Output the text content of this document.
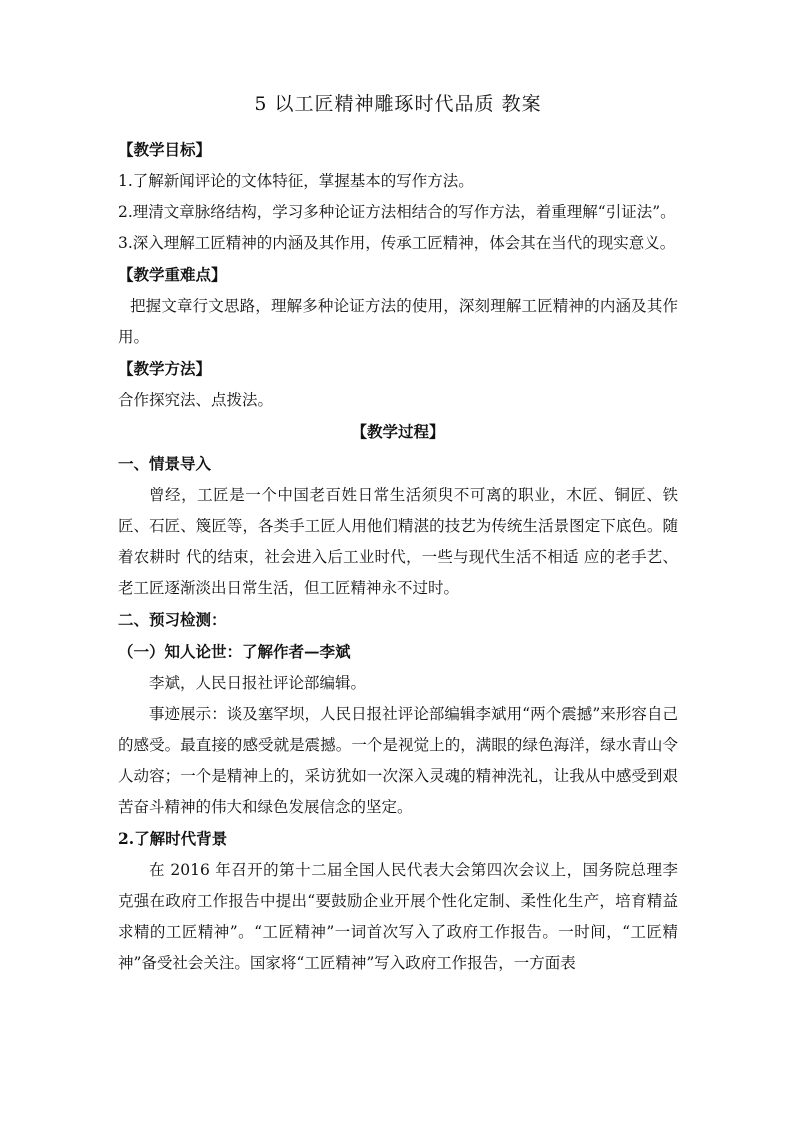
5 以工匠精神雕琢时代品质 教案

【教学目标】

1.了解新闻评论的文体特征，掌握基本的写作方法。

2.理清文章脉络结构，学习多种论证方法相结合的写作方法，着重理解“引证法”。

3.深入理解工匠精神的内涵及其作用，传承工匠精神，体会其在当代的现实意义。

【教学重难点】

把握文章行文思路，理解多种论证方法的使用，深刻理解工匠精神的内涵及其作用。

【教学方法】

合作探究法、点拨法。

【教学过程】

一、情景导入

曾经，工匠是一个中国老百姓日常生活须臾不可离的职业，木匠、铜匠、铁匠、石匠、篾匠等，各类手工匠人用他们精湛的技艺为传统生活景图定下底色。随着农耕时 代的结束，社会进入后工业时代，一些与现代生活不相适 应的老手艺、老工匠逐渐淡出日常生活，但工匠精神永不过时。

二、预习检测：

（一）知人论世：了解作者—李斌

李斌，人民日报社评论部编辑。

事迹展示：谈及塞罕坝，人民日报社评论部编辑李斌用“两个震撼”来形容自己的感受。最直接的感受就是震撼。一个是视觉上的，满眼的绿色海洋，绿水青山令人动容；一个是精神上的，采访犹如一次深入灵魂的精神洗礼，让我从中感受到艰苦奋斗精神的伟大和绿色发展信念的坚定。

2.了解时代背景

在 2016 年召开的第十二届全国人民代表大会第四次会议上，国务院总理李克强在政府工作报告中提出“要鼓励企业开展个性化定制、柔性化生产，培育精益求精的工匠精神”。“工匠精神”一词首次写入了政府工作报告。一时间，“工匠精神”备受社会关注。国家将“工匠精神”写入政府工作报告，一方面表
